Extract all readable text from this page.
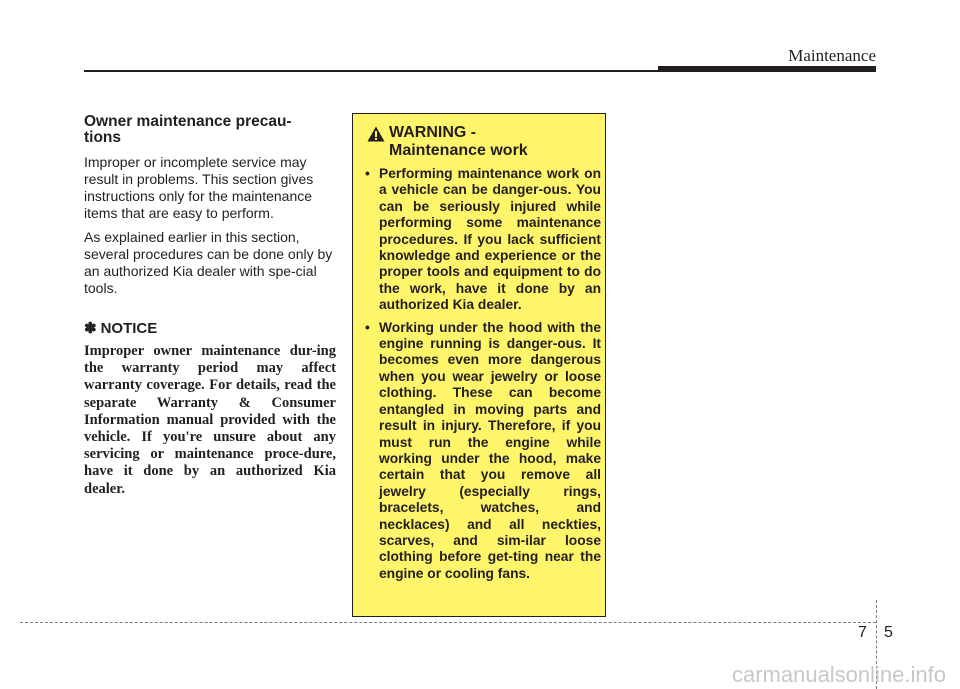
Maintenance
Owner maintenance precau-
tions

Improper or incomplete service may result in problems. This section gives instructions only for the maintenance items that are easy to perform.

As explained earlier in this section, several procedures can be done only by an authorized Kia dealer with spe-cial tools.

✽ NOTICE

Improper owner maintenance dur-ing the warranty period may affect warranty coverage. For details, read the separate Warranty & Consumer Information manual provided with the vehicle. If you're unsure about any servicing or maintenance proce-dure, have it done by an authorized Kia dealer.

WARNING -
Maintenance work
• Performing maintenance work on a vehicle can be danger-ous. You can be seriously injured while performing some maintenance procedures. If you lack sufficient knowledge and experience or the proper tools and equipment to do the work, have it done by an authorized Kia dealer.
• Working under the hood with the engine running is danger-ous. It becomes even more dangerous when you wear jewelry or loose clothing. These can become entangled in moving parts and result in injury. Therefore, if you must run the engine while working under the hood, make certain that you remove all jewelry (especially rings, bracelets, watches, and necklaces) and all neckties, scarves, and sim-ilar loose clothing before get-ting near the engine or cooling fans.
7 5
carmanualsonline.info
